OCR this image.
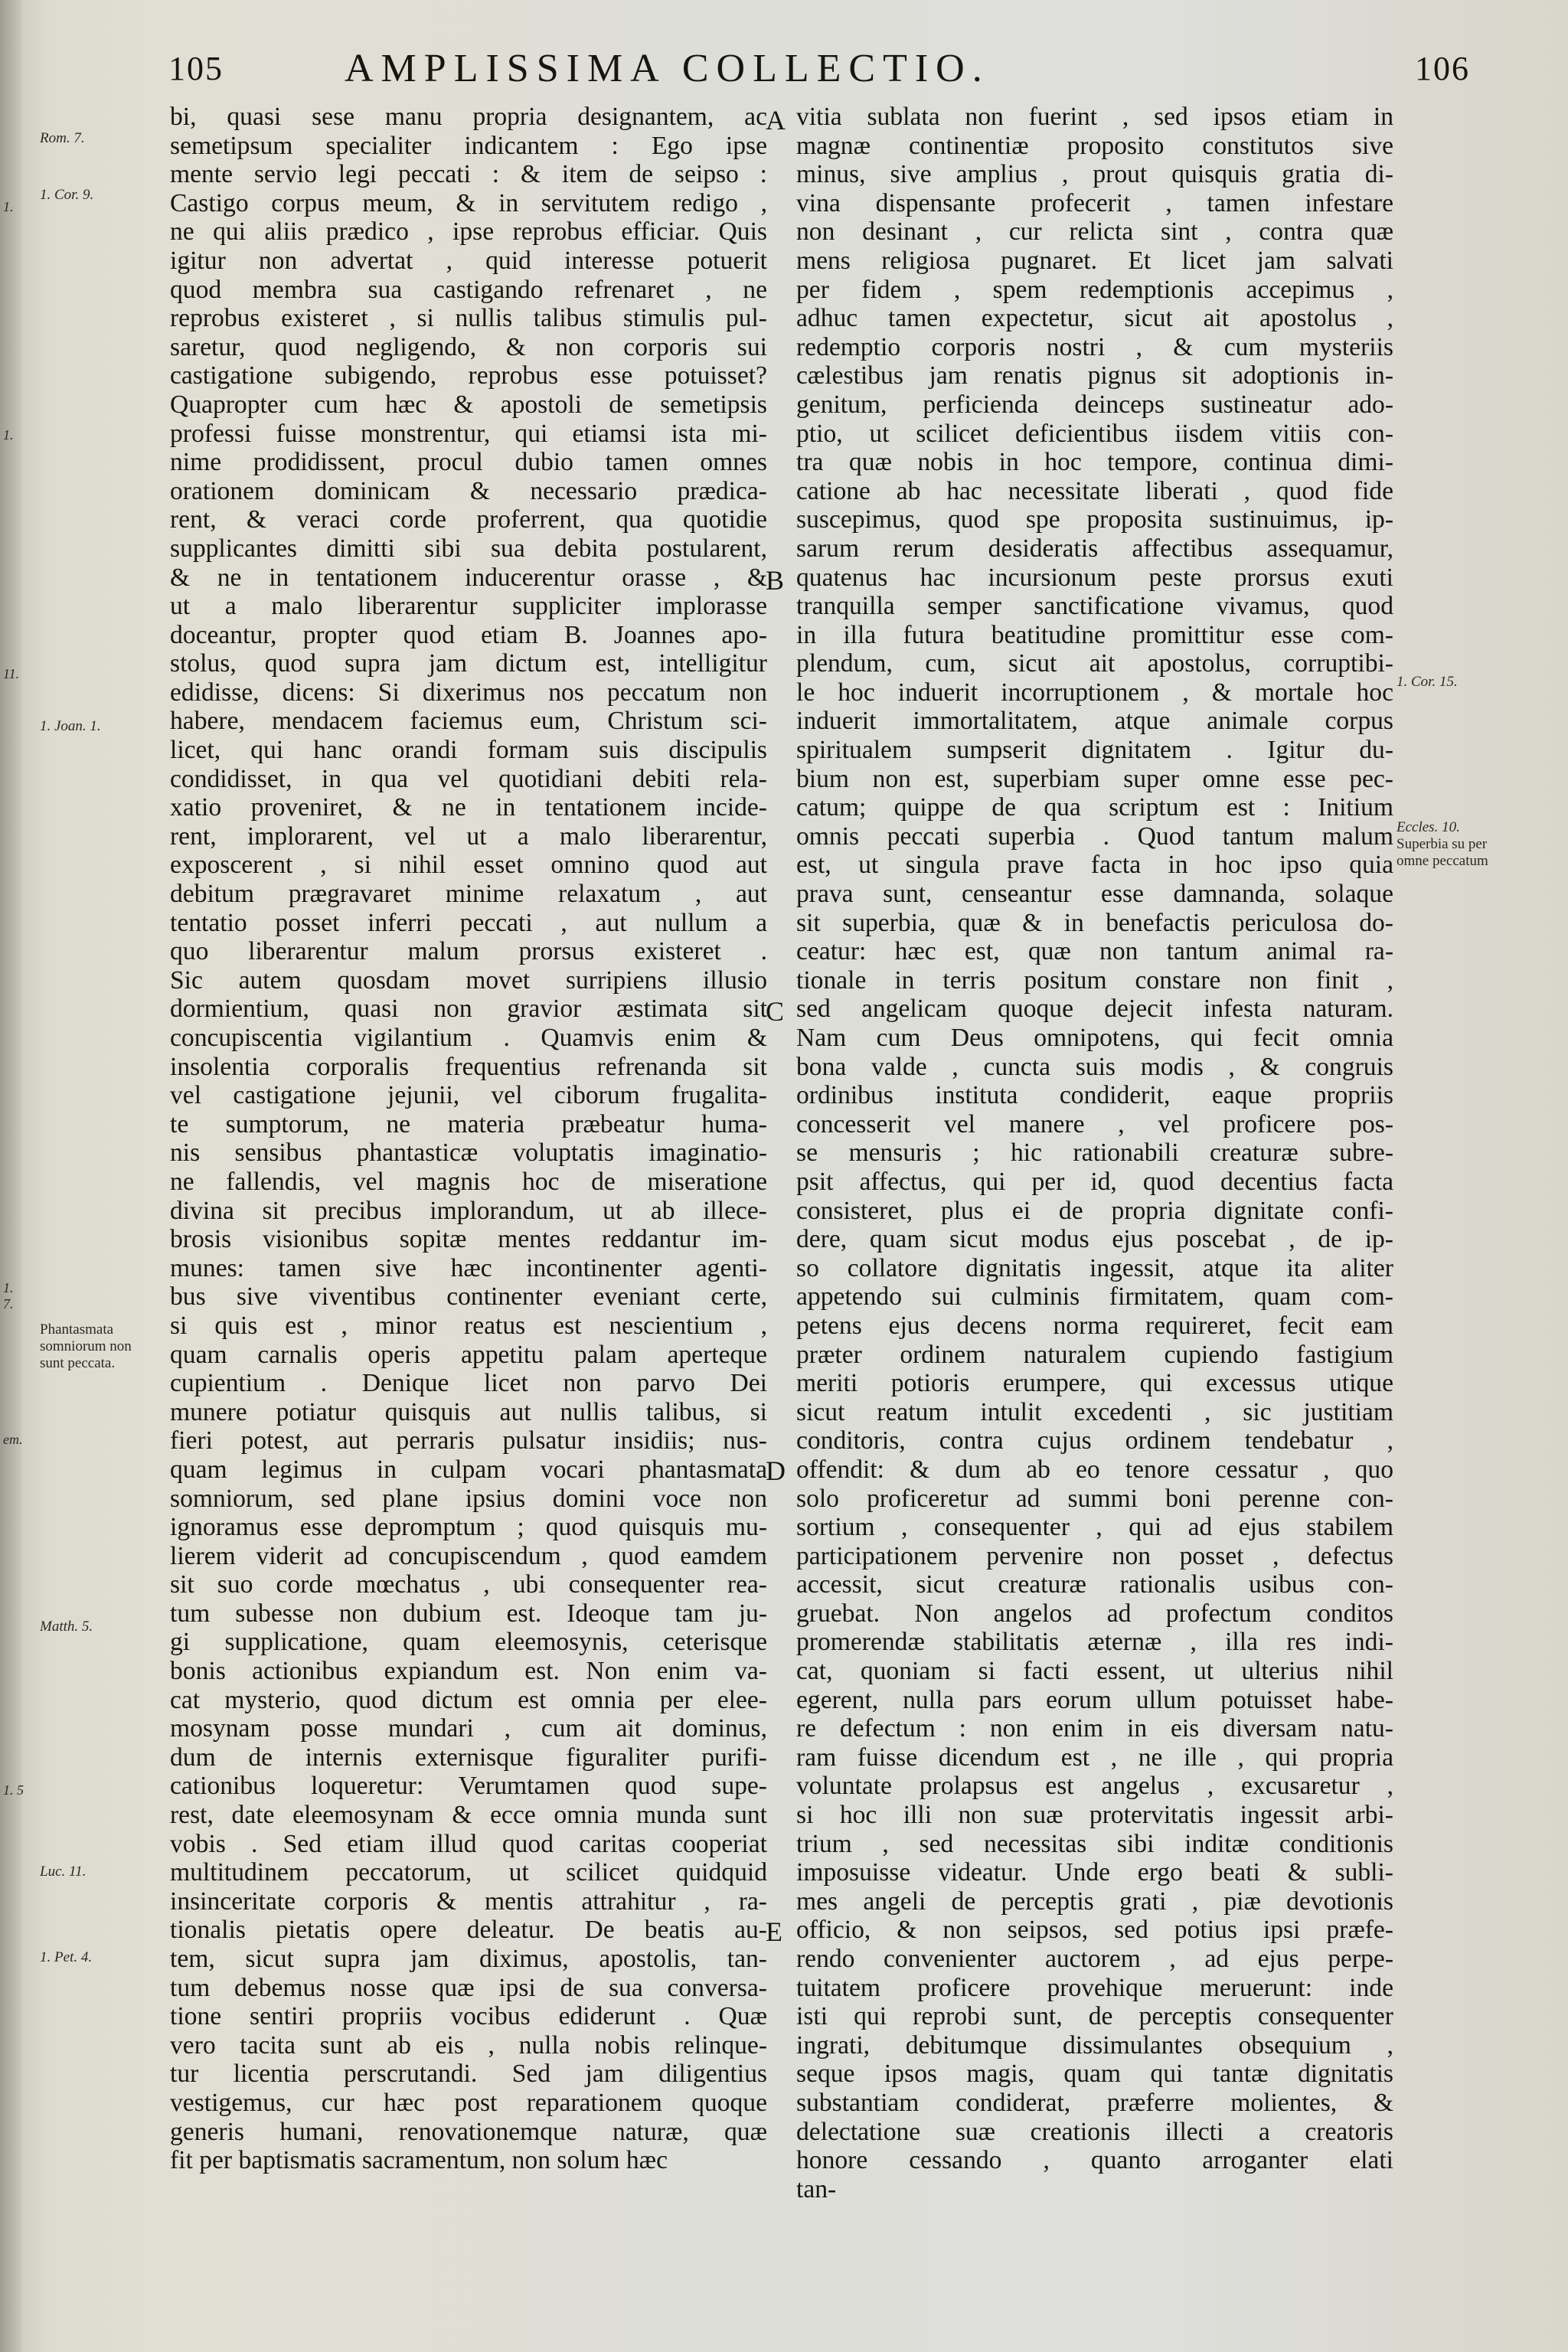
1.
1.
11.
1. 7.
em.
1. 5
105	AMPLISSIMA COLLECTIO.	106
Rom. 7.
1. Cor. 9.
1. Joan. 1.
Phantasmata somniorum non sunt peccata.
Matth. 5.
Luc. 11.
1. Pet. 4.
bi, quasi sese manu propria designantem, ac
semetipsum specialiter indicantem : Ego ipse
mente servio legi peccati : & item de seipso :
Castigo corpus meum, & in servitutem redigo ,
ne qui aliis prædico , ipse reprobus efficiar. Quis
igitur non advertat , quid interesse potuerit
quod membra sua castigando refrenaret , ne
reprobus existeret , si nullis talibus stimulis pul-
saretur, quod negligendo, & non corporis sui
castigatione subigendo, reprobus esse potuisset?
Quapropter cum hæc & apostoli de semetipsis
professi fuisse monstrentur, qui etiamsi ista mi-
nime prodidissent, procul dubio tamen omnes
orationem dominicam & necessario prædica-
rent, & veraci corde proferrent, qua quotidie
supplicantes dimitti sibi sua debita postularent,
& ne in tentationem inducerentur orasse , &
ut a malo liberarentur suppliciter implorasse
doceantur, propter quod etiam B. Joannes apo-
stolus, quod supra jam dictum est, intelligitur
edidisse, dicens: Si dixerimus nos peccatum non
habere, mendacem faciemus eum, Christum sci-
licet, qui hanc orandi formam suis discipulis
condidisset, in qua vel quotidiani debiti rela-
xatio proveniret, & ne in tentationem incide-
rent, implorarent, vel ut a malo liberarentur,
exposcerent , si nihil esset omnino quod aut
debitum prægravaret minime relaxatum , aut
tentatio posset inferri peccati , aut nullum a
quo liberarentur malum prorsus existeret .
Sic autem quosdam movet surripiens illusio
dormientium, quasi non gravior æstimata sit
concupiscentia vigilantium . Quamvis enim &
insolentia corporalis frequentius refrenanda sit
vel castigatione jejunii, vel ciborum frugalita-
te sumptorum, ne materia præbeatur huma-
nis sensibus phantasticæ voluptatis imaginatio-
ne fallendis, vel magnis hoc de miseratione
divina sit precibus implorandum, ut ab illece-
brosis visionibus sopitæ mentes reddantur im-
munes: tamen sive hæc incontinenter agenti-
bus sive viventibus continenter eveniant certe,
si quis est , minor reatus est nescientium ,
quam carnalis operis appetitu palam aperteque
cupientium . Denique licet non parvo Dei
munere potiatur quisquis aut nullis talibus, si
fieri potest, aut perraris pulsatur insidiis; nus-
quam legimus in culpam vocari phantasmata
somniorum, sed plane ipsius domini voce non
ignoramus esse depromptum ; quod quisquis mu-
lierem viderit ad concupiscendum , quod eamdem
sit suo corde mœchatus , ubi consequenter rea-
tum subesse non dubium est. Ideoque tam ju-
gi supplicatione, quam eleemosynis, ceterisque
bonis actionibus expiandum est. Non enim va-
cat mysterio, quod dictum est omnia per elee-
mosynam posse mundari , cum ait dominus,
dum de internis externisque figuraliter purifi-
cationibus loqueretur: Verumtamen quod supe-
rest, date eleemosynam & ecce omnia munda sunt
vobis . Sed etiam illud quod caritas cooperiat
multitudinem peccatorum, ut scilicet quidquid
insinceritate corporis & mentis attrahitur , ra-
tionalis pietatis opere deleatur. De beatis au-
tem, sicut supra jam diximus, apostolis, tan-
tum debemus nosse quæ ipsi de sua conversa-
tione sentiri propriis vocibus ediderunt . Quæ
vero tacita sunt ab eis , nulla nobis relinque-
tur licentia perscrutandi. Sed jam diligentius
vestigemus, cur hæc post reparationem quoque
generis humani, renovationemque naturæ, quæ
fit per baptismatis sacramentum, non solum hæc
vitia sublata non fuerint , sed ipsos etiam in
magnæ continentiæ proposito constitutos sive
minus, sive amplius , prout quisquis gratia di-
vina dispensante profecerit , tamen infestare
non desinant , cur relicta sint , contra quæ
mens religiosa pugnaret. Et licet jam salvati
per fidem , spem redemptionis accepimus ,
adhuc tamen expectetur, sicut ait apostolus ,
redemptio corporis nostri , & cum mysteriis
cælestibus jam renatis pignus sit adoptionis in-
genitum, perficienda deinceps sustineatur ado-
ptio, ut scilicet deficientibus iisdem vitiis con-
tra quæ nobis in hoc tempore, continua dimi-
catione ab hac necessitate liberati , quod fide
suscepimus, quod spe proposita sustinuimus, ip-
sarum rerum desideratis affectibus assequamur,
quatenus hac incursionum peste prorsus exuti
tranquilla semper sanctificatione vivamus, quod
in illa futura beatitudine promittitur esse com-
plendum, cum, sicut ait apostolus, corruptibi-
le hoc induerit incorruptionem , & mortale hoc
induerit immortalitatem, atque animale corpus
spiritualem sumpserit dignitatem . Igitur du-
bium non est, superbiam super omne esse pec-
catum; quippe de qua scriptum est : Initium
omnis peccati superbia . Quod tantum malum
est, ut singula prave facta in hoc ipso quia
prava sunt, censeantur esse damnanda, solaque
sit superbia, quæ & in benefactis periculosa do-
ceatur: hæc est, quæ non tantum animal ra-
tionale in terris positum constare non finit ,
sed angelicam quoque dejecit infesta naturam.
Nam cum Deus omnipotens, qui fecit omnia
bona valde , cuncta suis modis , & congruis
ordinibus instituta condiderit, eaque propriis
concesserit vel manere , vel proficere pos-
se mensuris ; hic rationabili creaturæ subre-
psit affectus, qui per id, quod decentius facta
consisteret, plus ei de propria dignitate confi-
dere, quam sicut modus ejus poscebat , de ip-
so collatore dignitatis ingessit, atque ita aliter
appetendo sui culminis firmitatem, quam com-
petens ejus decens norma requireret, fecit eam
præter ordinem naturalem cupiendo fastigium
meriti potioris erumpere, qui excessus utique
sicut reatum intulit excedenti , sic justitiam
conditoris, contra cujus ordinem tendebatur ,
offendit: & dum ab eo tenore cessatur , quo
solo proficeretur ad summi boni perenne con-
sortium , consequenter , qui ad ejus stabilem
participationem pervenire non posset , defectus
accessit, sicut creaturæ rationalis usibus con-
gruebat. Non angelos ad profectum conditos
promerendæ stabilitatis æternæ , illa res indi-
cat, quoniam si facti essent, ut ulterius nihil
egerent, nulla pars eorum ullum potuisset habe-
re defectum : non enim in eis diversam natu-
ram fuisse dicendum est , ne ille , qui propria
voluntate prolapsus est angelus , excusaretur ,
si hoc illi non suæ protervitatis ingessit arbi-
trium , sed necessitas sibi inditæ conditionis
imposuisse videatur. Unde ergo beati & subli-
mes angeli de perceptis grati , piæ devotionis
officio, & non seipsos, sed potius ipsi præfe-
rendo convenienter auctorem , ad ejus perpe-
tuitatem proficere provehique meruerunt: inde
isti qui reprobi sunt, de perceptis consequenter
ingrati, debitumque dissimulantes obsequium ,
seque ipsos magis, quam qui tantæ dignitatis
substantiam condiderat, præferre molientes, &
delectatione suæ creationis illecti a creatoris
honore cessando , quanto arroganter elati
tan-
A
B
C
D
E
1. Cor. 15.
Eccles. 10.
Superbia su per omne peccatum
